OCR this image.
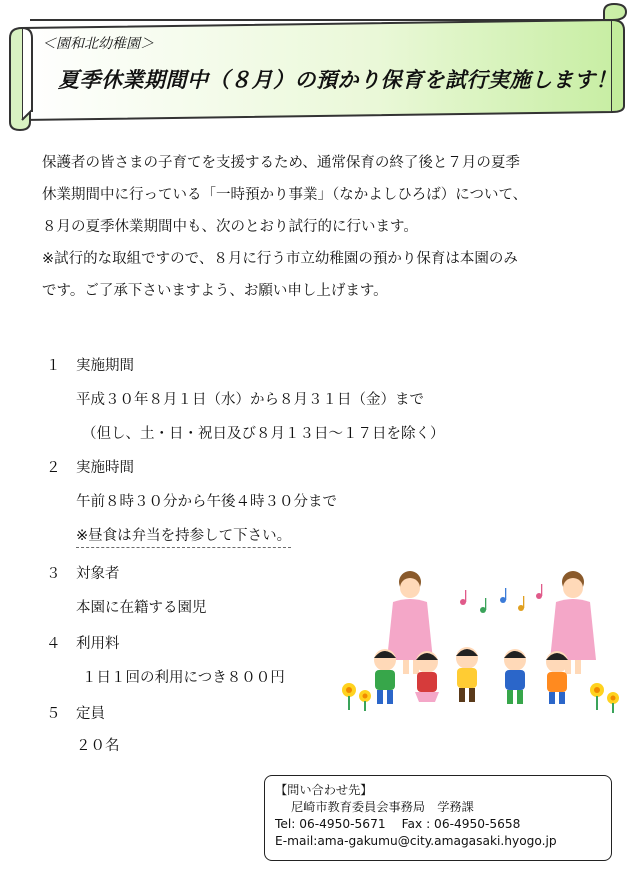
＜園和北幼稚園＞
夏季休業期間中（８月）の預かり保育を試行実施します！

保護者の皆さまの子育てを支援するため、通常保育の終了後と７月の夏季

休業期間中に行っている「一時預かり事業」（なかよしひろば）について、

８月の夏季休業期間中も、次のとおり試行的に行います。

※試行的な取組ですので、８月に行う市立幼稚園の預かり保育は本園のみ

です。ご了承下さいますよう、お願い申し上げます。

１ 実施期間
平成３０年８月１日（水）から８月３１日（金）まで
（但し、土・日・祝日及び８月１３日〜１７日を除く）
２ 実施時間
午前８時３０分から午後４時３０分まで
※昼食は弁当を持参して下さい。
３ 対象者
本園に在籍する園児
４ 利用料
１日１回の利用につき８００円
５ 定員
２０名
【問い合わせ先】
尼崎市教育委員会事務局　学務課
Tel: 06-4950-5671　 Fax : 06-4950-5658
E-mail:ama-gakumu@city.amagasaki.hyogo.jp
